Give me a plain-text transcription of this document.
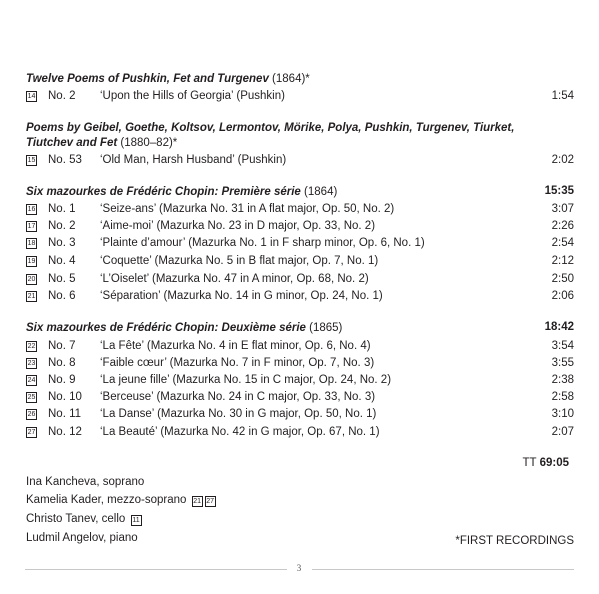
Twelve Poems of Pushkin, Fet and Turgenev (1864)*
14 No. 2 ‘Upon the Hills of Georgia’ (Pushkin)	1:54
Poems by Geibel, Goethe, Koltsov, Lermontov, Mörike, Polya, Pushkin, Turgenev, Tiurket, Tiutchev and Fet (1880–82)*
15 No. 53 ‘Old Man, Harsh Husband’ (Pushkin)	2:02
Six mazourkes de Frédéric Chopin: Première série (1864)	15:35
16 No. 1 ‘Seize-ans’ (Mazurka No. 31 in A flat major, Op. 50, No. 2)	3:07
17 No. 2 ‘Aime-moi’ (Mazurka No. 23 in D major, Op. 33, No. 2)	2:26
18 No. 3 ‘Plainte d’amour’ (Mazurka No. 1 in F sharp minor, Op. 6, No. 1)	2:54
19 No. 4 ‘Coquette’ (Mazurka No. 5 in B flat major, Op. 7, No. 1)	2:12
20 No. 5 ‘L’Oiselet’ (Mazurka No. 47 in A minor, Op. 68, No. 2)	2:50
21 No. 6 ‘Séparation’ (Mazurka No. 14 in G minor, Op. 24, No. 1)	2:06
Six mazourkes de Frédéric Chopin: Deuxième série (1865)	18:42
22 No. 7 ‘La Fête’ (Mazurka No. 4 in E flat minor, Op. 6, No. 4)	3:54
23 No. 8 ‘Faible cœur’ (Mazurka No. 7 in F minor, Op. 7, No. 3)	3:55
24 No. 9 ‘La jeune fille’ (Mazurka No. 15 in C major, Op. 24, No. 2)	2:38
25 No. 10 ‘Berceuse’ (Mazurka No. 24 in C major, Op. 33, No. 3)	2:58
26 No. 11 ‘La Danse’ (Mazurka No. 30 in G major, Op. 50, No. 1)	3:10
27 No. 12 ‘La Beauté’ (Mazurka No. 42 in G major, Op. 67, No. 1)	2:07
TT 69:05
Ina Kancheva, soprano
Kamelia Kader, mezzo-soprano 21 27
Christo Tanev, cello 11
Ludmil Angelov, piano	*FIRST RECORDINGS
3
